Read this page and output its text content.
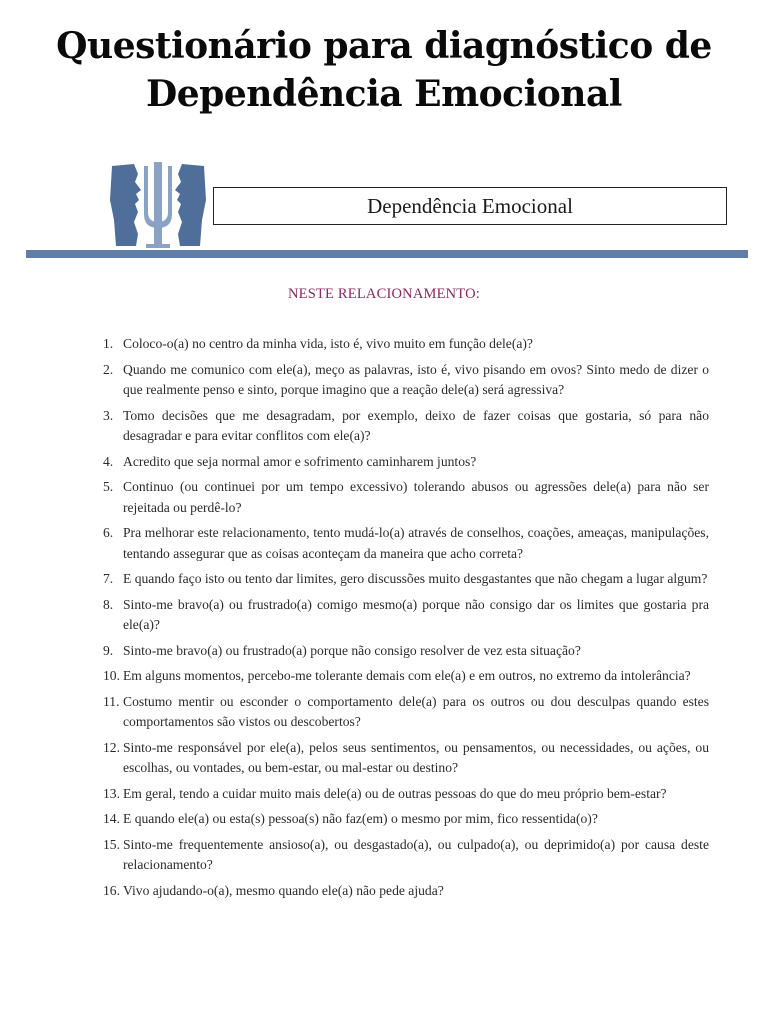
Questionário para diagnóstico de
Dependência Emocional
Dependência Emocional
NESTE RELACIONAMENTO:
1. Coloco-o(a) no centro da minha vida, isto é, vivo muito em função dele(a)?
2. Quando me comunico com ele(a), meço as palavras, isto é, vivo pisando em ovos? Sinto medo de dizer o que realmente penso e sinto, porque imagino que a reação dele(a) será agressiva?
3. Tomo decisões que me desagradam, por exemplo, deixo de fazer coisas que gostaria, só para não desagradar e para evitar conflitos com ele(a)?
4. Acredito que seja normal amor e sofrimento caminharem juntos?
5. Continuo (ou continuei por um tempo excessivo) tolerando abusos ou agressões dele(a) para não ser rejeitada ou perdê-lo?
6. Pra melhorar este relacionamento, tento mudá-lo(a) através de conselhos, coações, ameaças, manipulações, tentando assegurar que as coisas aconteçam da maneira que acho correta?
7. E quando faço isto ou tento dar limites, gero discussões muito desgastantes que não chegam a lugar algum?
8. Sinto-me bravo(a) ou frustrado(a) comigo mesmo(a) porque não consigo dar os limites que gostaria pra ele(a)?
9. Sinto-me bravo(a) ou frustrado(a) porque não consigo resolver de vez esta situação?
10. Em alguns momentos, percebo-me tolerante demais com ele(a) e em outros, no extremo da intolerância?
11. Costumo mentir ou esconder o comportamento dele(a) para os outros ou dou desculpas quando estes comportamentos são vistos ou descobertos?
12. Sinto-me responsável por ele(a), pelos seus sentimentos, ou pensamentos, ou necessidades, ou ações, ou escolhas, ou vontades, ou bem-estar, ou mal-estar ou destino?
13. Em geral, tendo a cuidar muito mais dele(a) ou de outras pessoas do que do meu próprio bem-estar?
14. E quando ele(a) ou esta(s) pessoa(s) não faz(em) o mesmo por mim, fico ressentida(o)?
15. Sinto-me frequentemente ansioso(a), ou desgastado(a), ou culpado(a), ou deprimido(a) por causa deste relacionamento?
16. Vivo ajudando-o(a), mesmo quando ele(a) não pede ajuda?
